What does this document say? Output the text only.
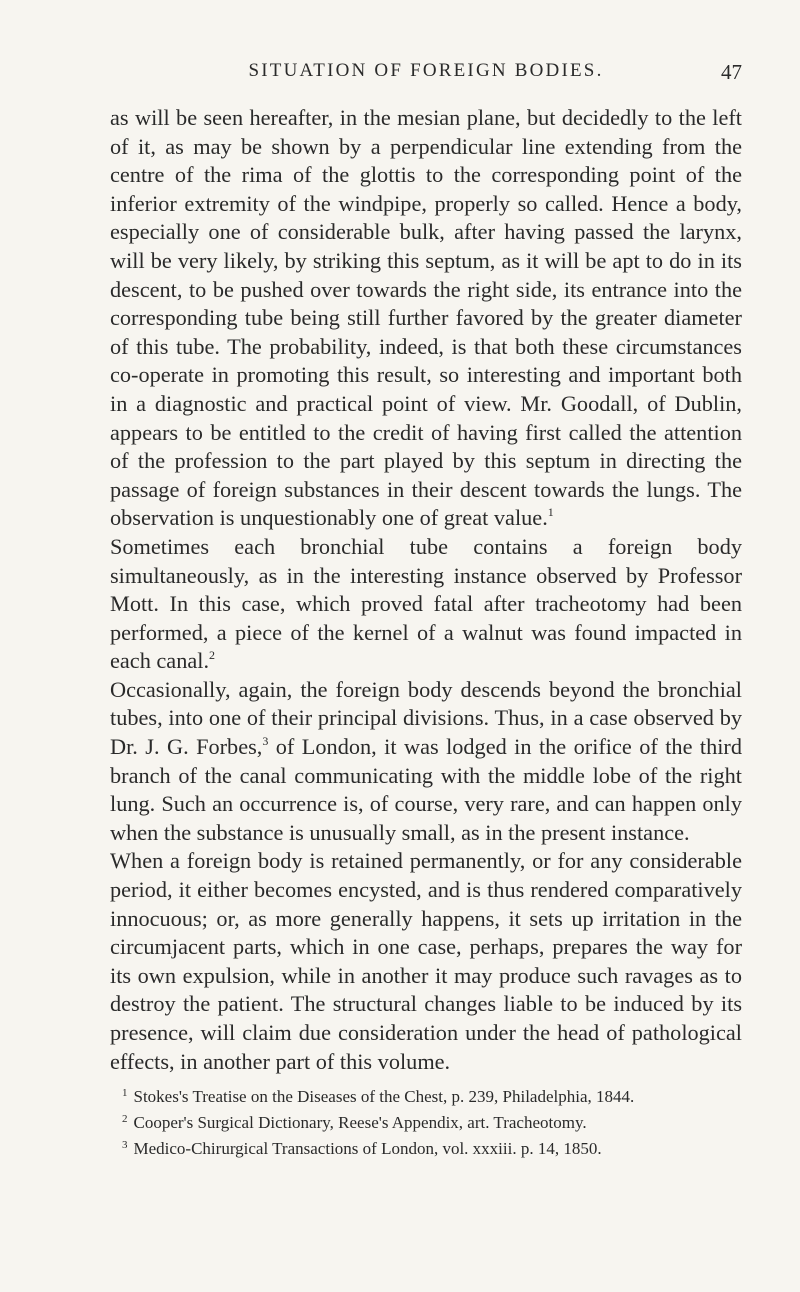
SITUATION OF FOREIGN BODIES.	47

as will be seen hereafter, in the mesian plane, but decidedly to the left of it, as may be shown by a perpendicular line extending from the centre of the rima of the glottis to the corresponding point of the inferior extremity of the windpipe, properly so called. Hence a body, especially one of considerable bulk, after having passed the larynx, will be very likely, by striking this septum, as it will be apt to do in its descent, to be pushed over towards the right side, its entrance into the corresponding tube being still further favored by the greater diameter of this tube. The probability, indeed, is that both these circumstances co-operate in promoting this result, so interesting and important both in a diagnostic and practical point of view. Mr. Goodall, of Dublin, appears to be entitled to the credit of having first called the attention of the profession to the part played by this septum in directing the passage of foreign substances in their descent towards the lungs. The observation is unquestionably one of great value.$^1$

Sometimes each bronchial tube contains a foreign body simultaneously, as in the interesting instance observed by Professor Mott. In this case, which proved fatal after tracheotomy had been performed, a piece of the kernel of a walnut was found impacted in each canal.$^2$

Occasionally, again, the foreign body descends beyond the bronchial tubes, into one of their principal divisions. Thus, in a case observed by Dr. J. G. Forbes,$^3$ of London, it was lodged in the orifice of the third branch of the canal communicating with the middle lobe of the right lung. Such an occurrence is, of course, very rare, and can happen only when the substance is unusually small, as in the present instance.

When a foreign body is retained permanently, or for any considerable period, it either becomes encysted, and is thus rendered comparatively innocuous; or, as more generally happens, it sets up irritation in the circumjacent parts, which in one case, perhaps, prepares the way for its own expulsion, while in another it may produce such ravages as to destroy the patient. The structural changes liable to be induced by its presence, will claim due consideration under the head of pathological effects, in another part of this volume.

$^1$ Stokes's Treatise on the Diseases of the Chest, p. 239, Philadelphia, 1844.
$^2$ Cooper's Surgical Dictionary, Reese's Appendix, art. Tracheotomy.
$^3$ Medico-Chirurgical Transactions of London, vol. xxxiii. p. 14, 1850.
